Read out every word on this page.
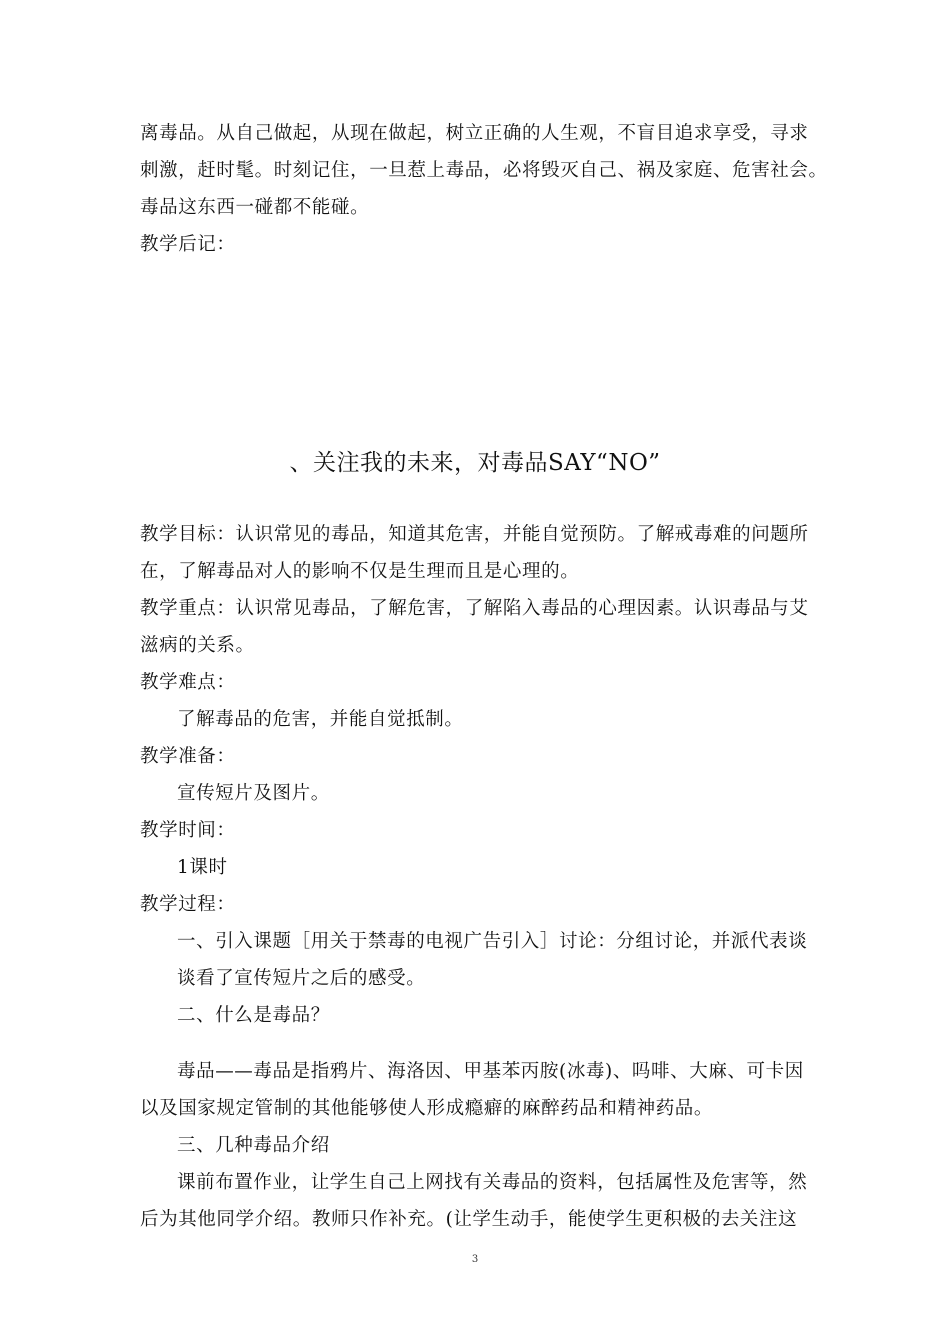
离毒品。从自己做起，从现在做起，树立正确的人生观，不盲目追求享受，寻求
刺激，赶时髦。时刻记住，一旦惹上毒品，必将毁灭自己、祸及家庭、危害社会。
毒品这东西一碰都不能碰。
教学后记：
、关注我的未来，对毒品SAY“NO”
教学目标：认识常见的毒品，知道其危害，并能自觉预防。了解戒毒难的问题所
在，了解毒品对人的影响不仅是生理而且是心理的。
教学重点：认识常见毒品，了解危害，了解陷入毒品的心理因素。认识毒品与艾
滋病的关系。
教学难点：
了解毒品的危害，并能自觉抵制。
教学准备：
宣传短片及图片。
教学时间：
1课时
教学过程：
一、引入课题［用关于禁毒的电视广告引入］讨论：分组讨论，并派代表谈
谈看了宣传短片之后的感受。
二、什么是毒品？
毒品——毒品是指鸦片、海洛因、甲基苯丙胺(冰毒)、吗啡、大麻、可卡因
以及国家规定管制的其他能够使人形成瘾癖的麻醉药品和精神药品。
三、几种毒品介绍
课前布置作业，让学生自己上网找有关毒品的资料，包括属性及危害等，然
后为其他同学介绍。教师只作补充。(让学生动手，能使学生更积极的去关注这
3
